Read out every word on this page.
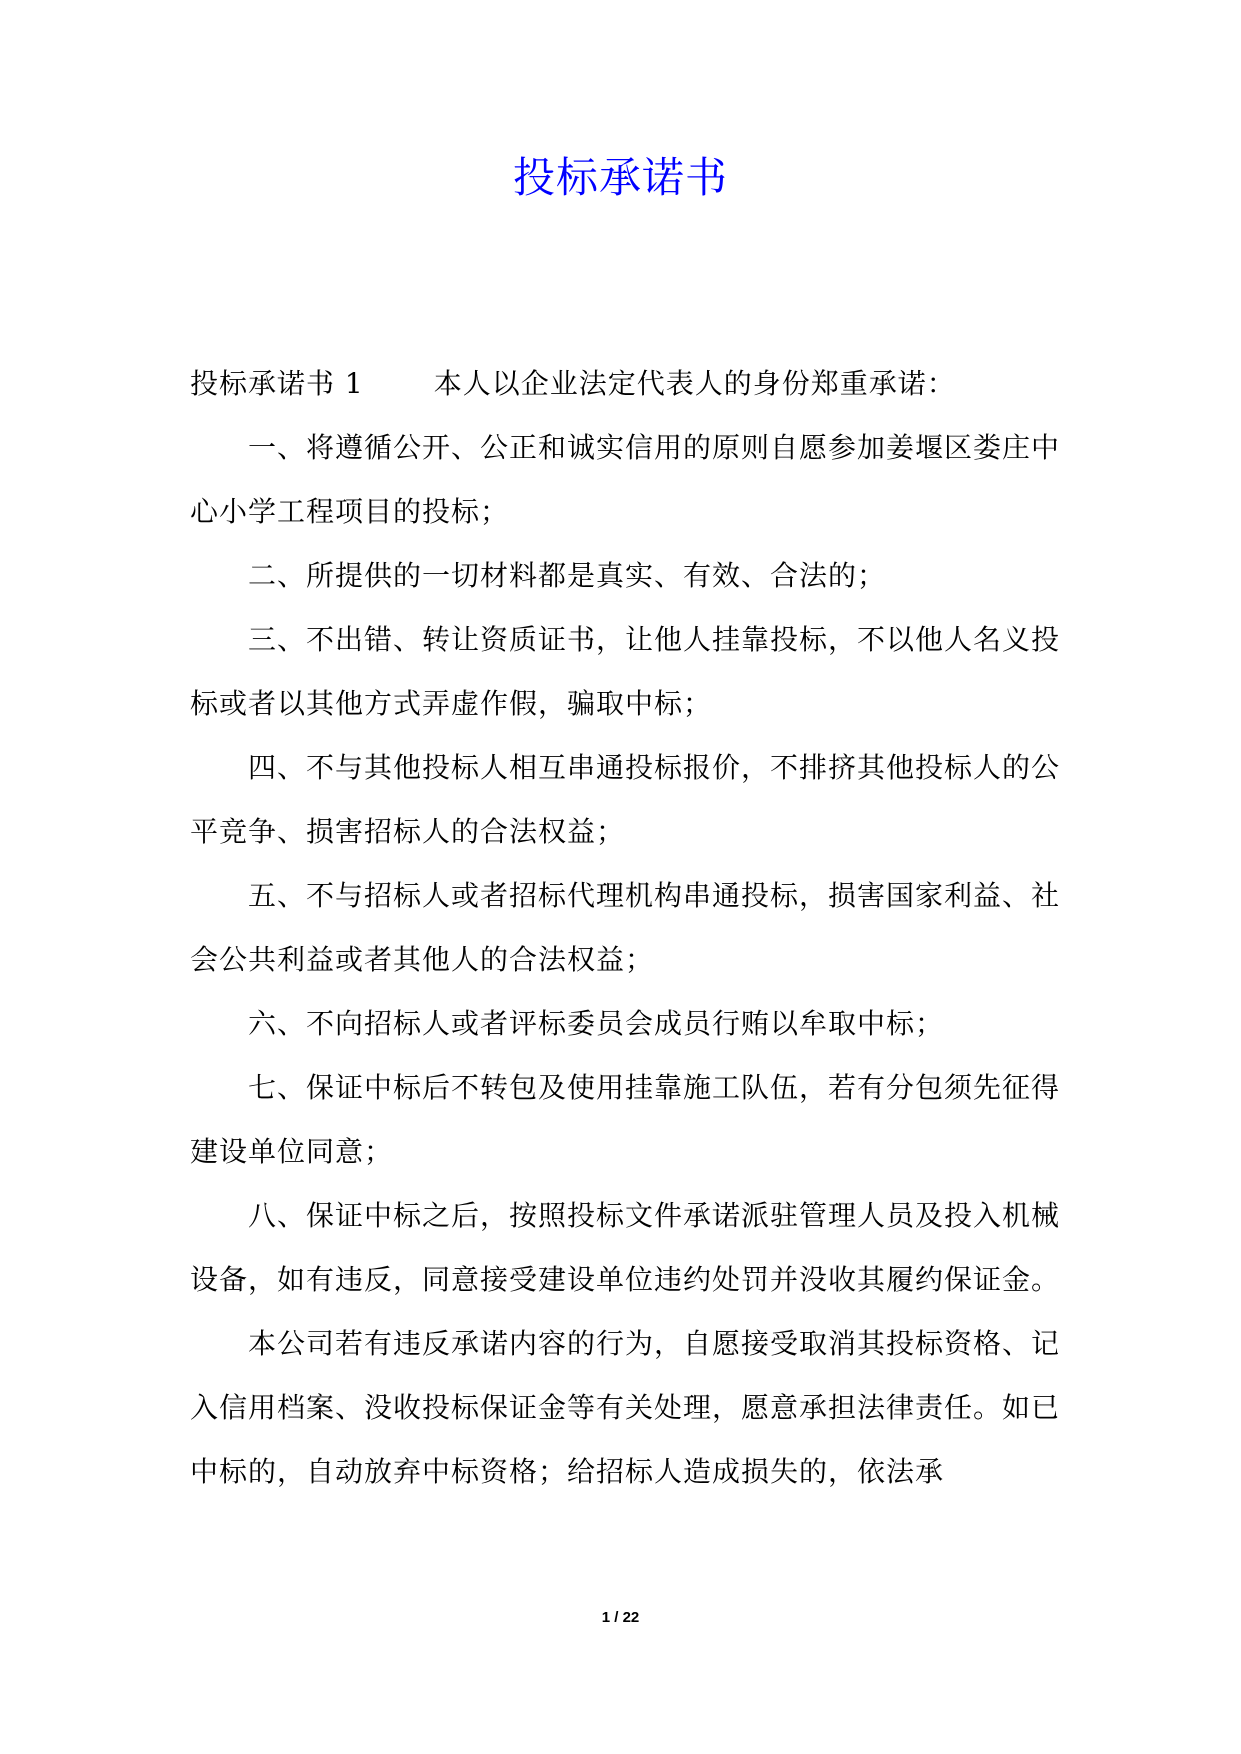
投标承诺书

投标承诺书 1	本人以企业法定代表人的身份郑重承诺：

一、将遵循公开、公正和诚实信用的原则自愿参加姜堰区娄庄中心小学工程项目的投标；

二、所提供的一切材料都是真实、有效、合法的；

三、不出错、转让资质证书，让他人挂靠投标，不以他人名义投标或者以其他方式弄虚作假，骗取中标；

四、不与其他投标人相互串通投标报价，不排挤其他投标人的公平竞争、损害招标人的合法权益；

五、不与招标人或者招标代理机构串通投标，损害国家利益、社会公共利益或者其他人的合法权益；

六、不向招标人或者评标委员会成员行贿以牟取中标；

七、保证中标后不转包及使用挂靠施工队伍，若有分包须先征得建设单位同意；

八、保证中标之后，按照投标文件承诺派驻管理人员及投入机械设备，如有违反，同意接受建设单位违约处罚并没收其履约保证金。

本公司若有违反承诺内容的行为，自愿接受取消其投标资格、记入信用档案、没收投标保证金等有关处理，愿意承担法律责任。如已中标的，自动放弃中标资格；给招标人造成损失的，依法承

1 / 22
